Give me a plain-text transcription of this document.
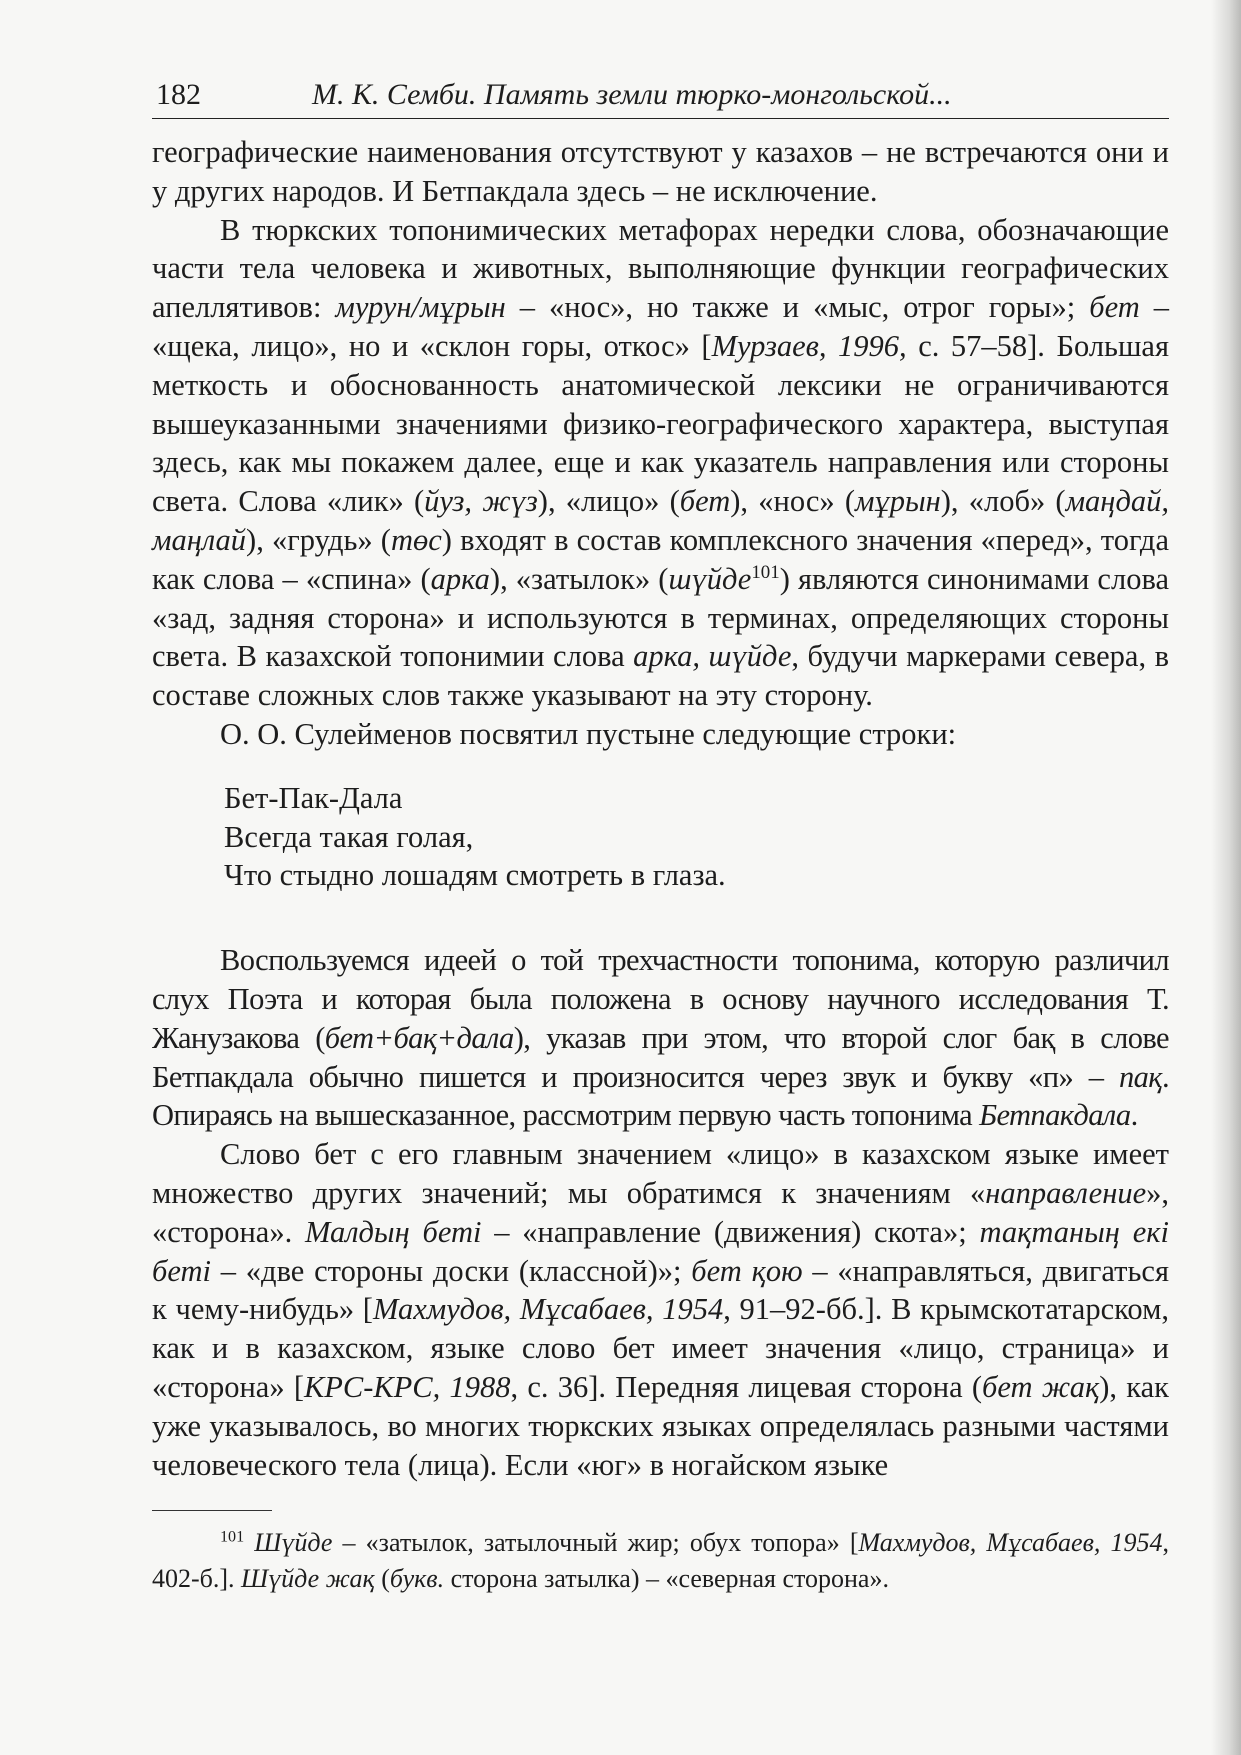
182	М. К. Семби. Память земли тюрко-монгольской...

географические наименования отсутствуют у казахов – не встречаются они и у других народов. И Бетпакдала здесь – не исключение.

В тюркских топонимических метафорах нередки слова, обозначающие части тела человека и животных, выполняющие функции географических апеллятивов: мурун/мұрын – «нос», но также и «мыс, отрог горы»; бет – «щека, лицо», но и «склон горы, откос» [Мурзаев, 1996, с. 57–58]. Большая меткость и обоснованность анатомической лексики не ограничиваются вышеуказанными значениями физико-географического характера, выступая здесь, как мы покажем далее, еще и как указатель направления или стороны света. Слова «лик» (йуз, жүз), «лицо» (бет), «нос» (мұрын), «лоб» (маңдай, маңлай), «грудь» (төс) входят в состав комплексного значения «перед», тогда как слова – «спина» (арка), «затылок» (шүйде$^{101}$) являются синонимами слова «зад, задняя сторона» и используются в терминах, определяющих стороны света. В казахской топонимии слова арка, шүйде, будучи маркерами севера, в составе сложных слов также указывают на эту сторону.

О. О. Сулейменов посвятил пустыне следующие строки:

Бет-Пак-Дала
Всегда такая голая,
Что стыдно лошадям смотреть в глаза.

Воспользуемся идеей о той трехчастности топонима, которую различил слух Поэта и которая была положена в основу научного исследования Т. Жанузакова (бет+бақ+дала), указав при этом, что второй слог бақ в слове Бетпакдала обычно пишется и произносится через звук и букву «п» – пақ. Опираясь на вышесказанное, рассмотрим первую часть топонима Бетпакдала.

Слово бет с его главным значением «лицо» в казахском языке имеет множество других значений; мы обратимся к значениям «направление», «сторона». Малдың беті – «направление (движения) скота»; тақтаның екі беті – «две стороны доски (классной)»; бет қою – «направляться, двигаться к чему-нибудь» [Махмудов, Мұсабаев, 1954, 91–92-бб.]. В крымскотатарском, как и в казахском, языке слово бет имеет значения «лицо, страница» и «сторона» [КРС-КРС, 1988, с. 36]. Передняя лицевая сторона (бет жақ), как уже указывалось, во многих тюркских языках определялась разными частями человеческого тела (лица). Если «юг» в ногайском языке

$^{101}$ Шүйде – «затылок, затылочный жир; обух топора» [Махмудов, Мұсабаев, 1954, 402-б.]. Шүйде жақ (букв. сторона затылка) – «северная сторона».
